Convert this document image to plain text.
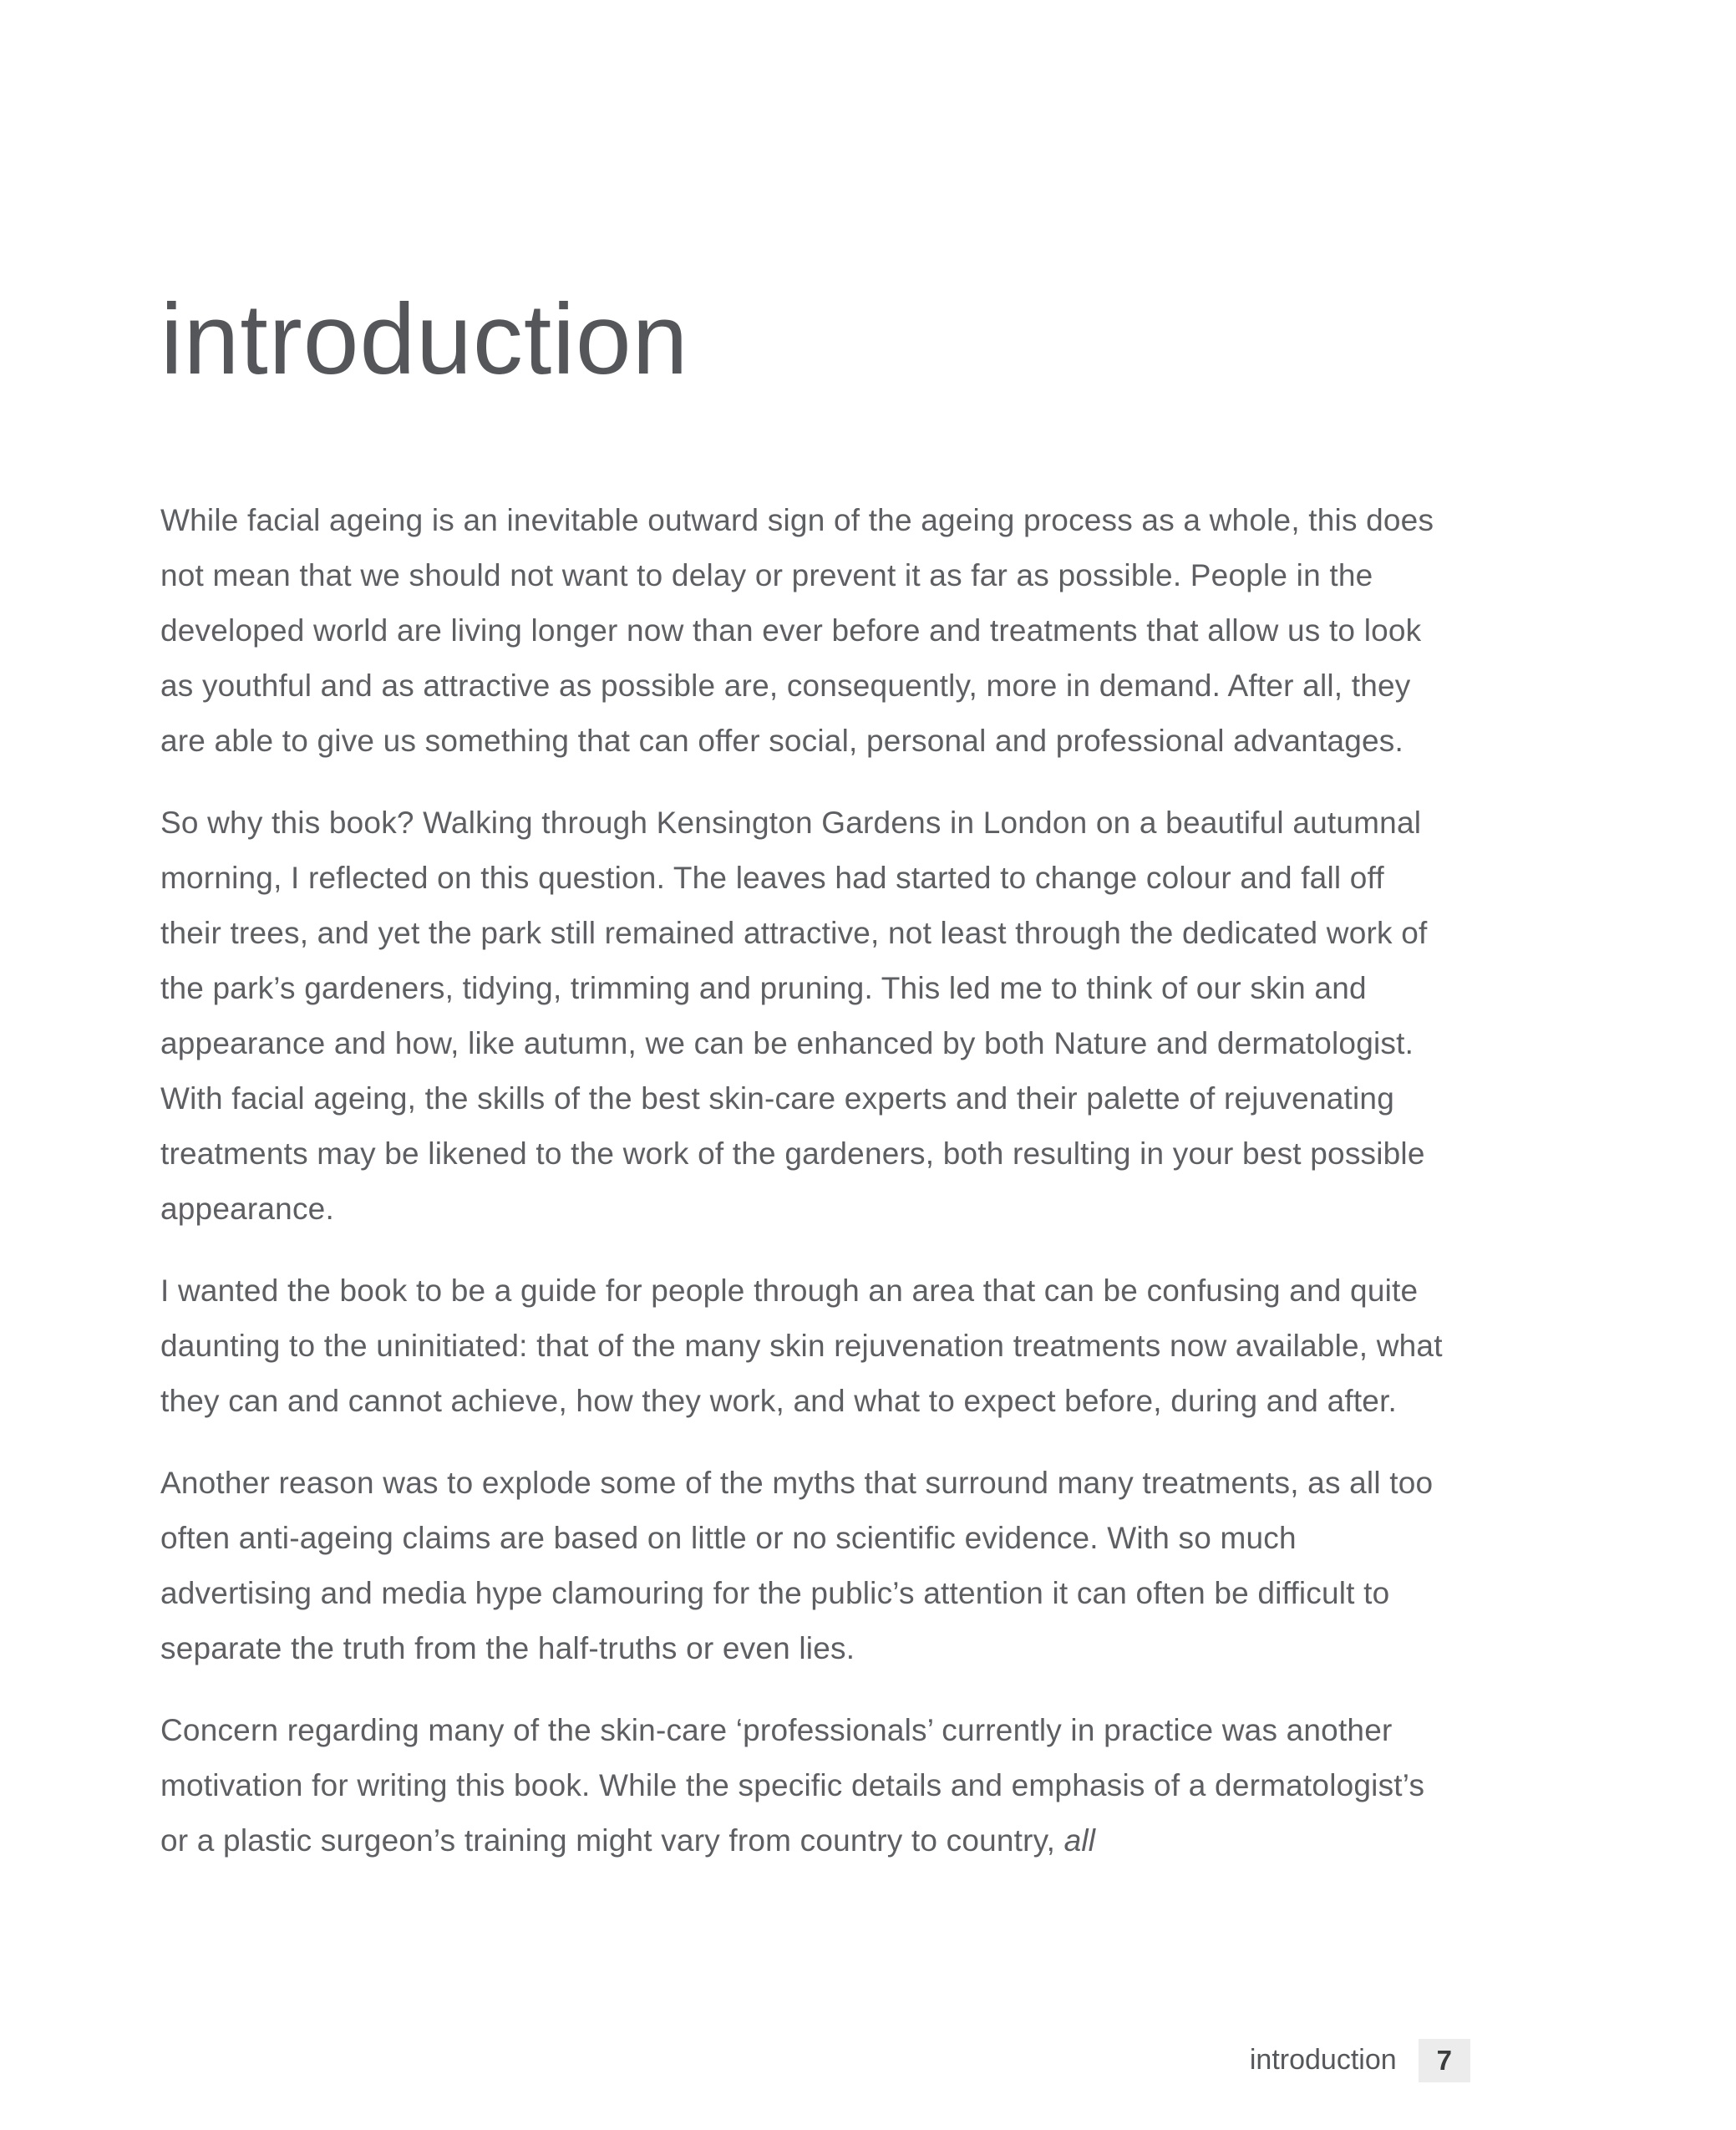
introduction

While facial ageing is an inevitable outward sign of the ageing process as a whole, this does not mean that we should not want to delay or prevent it as far as possible. People in the developed world are living longer now than ever before and treatments that allow us to look as youthful and as attractive as possible are, consequently, more in demand. After all, they are able to give us something that can offer social, personal and professional advantages.

So why this book? Walking through Kensington Gardens in London on a beautiful autumnal morning, I reflected on this question. The leaves had started to change colour and fall off their trees, and yet the park still remained attractive, not least through the dedicated work of the park’s gardeners, tidying, trimming and pruning. This led me to think of our skin and appearance and how, like autumn, we can be enhanced by both Nature and dermatologist. With facial ageing, the skills of the best skin-care experts and their palette of rejuvenating treatments may be likened to the work of the gardeners, both resulting in your best possible appearance.

I wanted the book to be a guide for people through an area that can be confusing and quite daunting to the uninitiated: that of the many skin rejuvenation treatments now available, what they can and cannot achieve, how they work, and what to expect before, during and after.

Another reason was to explode some of the myths that surround many treatments, as all too often anti-ageing claims are based on little or no scientific evidence. With so much advertising and media hype clamouring for the public’s attention it can often be difficult to separate the truth from the half-truths or even lies.

Concern regarding many of the skin-care ‘professionals’ currently in practice was another motivation for writing this book. While the specific details and emphasis of a dermatologist’s or a plastic surgeon’s training might vary from country to country, all

introduction	7
